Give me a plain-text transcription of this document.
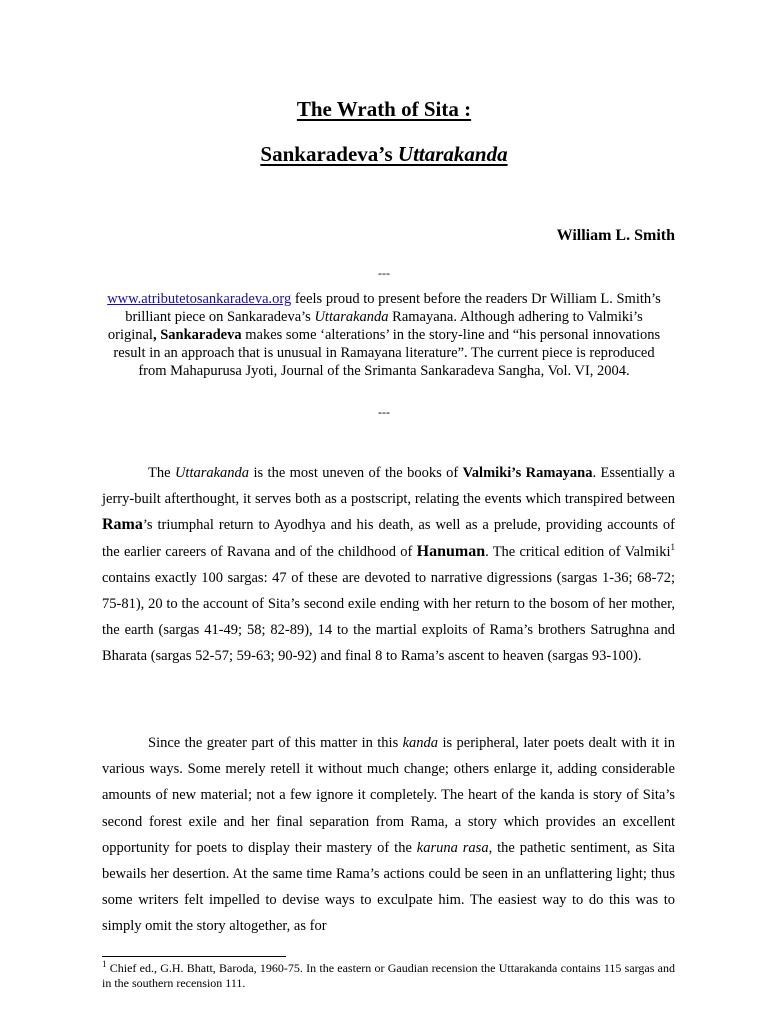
The Wrath of Sita :
Sankaradeva’s Uttarakanda
William L. Smith
---
www.atributetosankaradeva.org feels proud to present before the readers Dr William L. Smith’s brilliant piece on Sankaradeva’s Uttarakanda Ramayana. Although adhering to Valmiki’s original, Sankaradeva makes some ‘alterations’ in the story-line and “his personal innovations result in an approach that is unusual in Ramayana literature”. The current piece is reproduced from Mahapurusa Jyoti, Journal of the Srimanta Sankaradeva Sangha, Vol. VI, 2004.
---

The Uttarakanda is the most uneven of the books of Valmiki’s Ramayana. Essentially a jerry-built afterthought, it serves both as a postscript, relating the events which transpired between Rama’s triumphal return to Ayodhya and his death, as well as a prelude, providing accounts of the earlier careers of Ravana and of the childhood of Hanuman. The critical edition of Valmiki$^1$ contains exactly 100 sargas: 47 of these are devoted to narrative digressions (sargas 1-36; 68-72; 75-81), 20 to the account of Sita’s second exile ending with her return to the bosom of her mother, the earth (sargas 41-49; 58; 82-89), 14 to the martial exploits of Rama’s brothers Satrughna and Bharata (sargas 52-57; 59-63; 90-92) and final 8 to Rama’s ascent to heaven (sargas 93-100).

Since the greater part of this matter in this kanda is peripheral, later poets dealt with it in various ways. Some merely retell it without much change; others enlarge it, adding considerable amounts of new material; not a few ignore it completely. The heart of the kanda is story of Sita’s second forest exile and her final separation from Rama, a story which provides an excellent opportunity for poets to display their mastery of the karuna rasa, the pathetic sentiment, as Sita bewails her desertion. At the same time Rama’s actions could be seen in an unflattering light; thus some writers felt impelled to devise ways to exculpate him. The easiest way to do this was to simply omit the story altogether, as for

$^1$ Chief ed., G.H. Bhatt, Baroda, 1960-75. In the eastern or Gaudian recension the Uttarakanda contains 115 sargas and in the southern recension 111.
